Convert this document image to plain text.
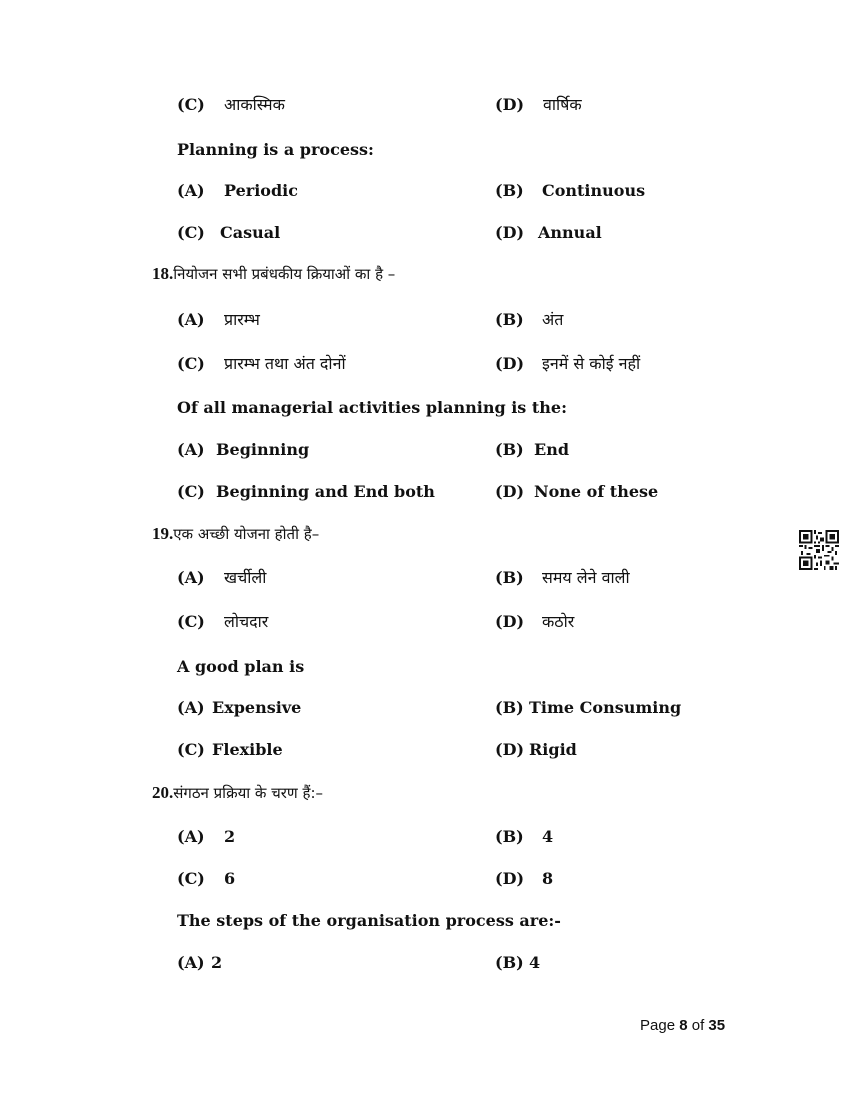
(C) आकस्मिक	(D) वार्षिक
Planning is a process:
(A) Periodic	(B) Continuous
(C) Casual	(D) Annual
18.नियोजन सभी प्रबंधकीय क्रियाओं का है –
(A) प्रारम्भ	(B) अंत
(C) प्रारम्भ तथा अंत दोनों	(D) इनमें से कोई नहीं
Of all managerial activities planning is the:
(A) Beginning	(B) End
(C) Beginning and End both	(D) None of these
19.एक अच्छी योजना होती है–
(A) खर्चीली	(B) समय लेने वाली
(C) लोचदार	(D) कठोर
A good plan is
(A) Expensive	(B) Time Consuming
(C) Flexible	(D) Rigid
20.संगठन प्रक्रिया के चरण हैं:–
(A) 2	(B) 4
(C) 6	(D) 8
The steps of the organisation process are:-
(A) 2	(B) 4
Page 8 of 35
